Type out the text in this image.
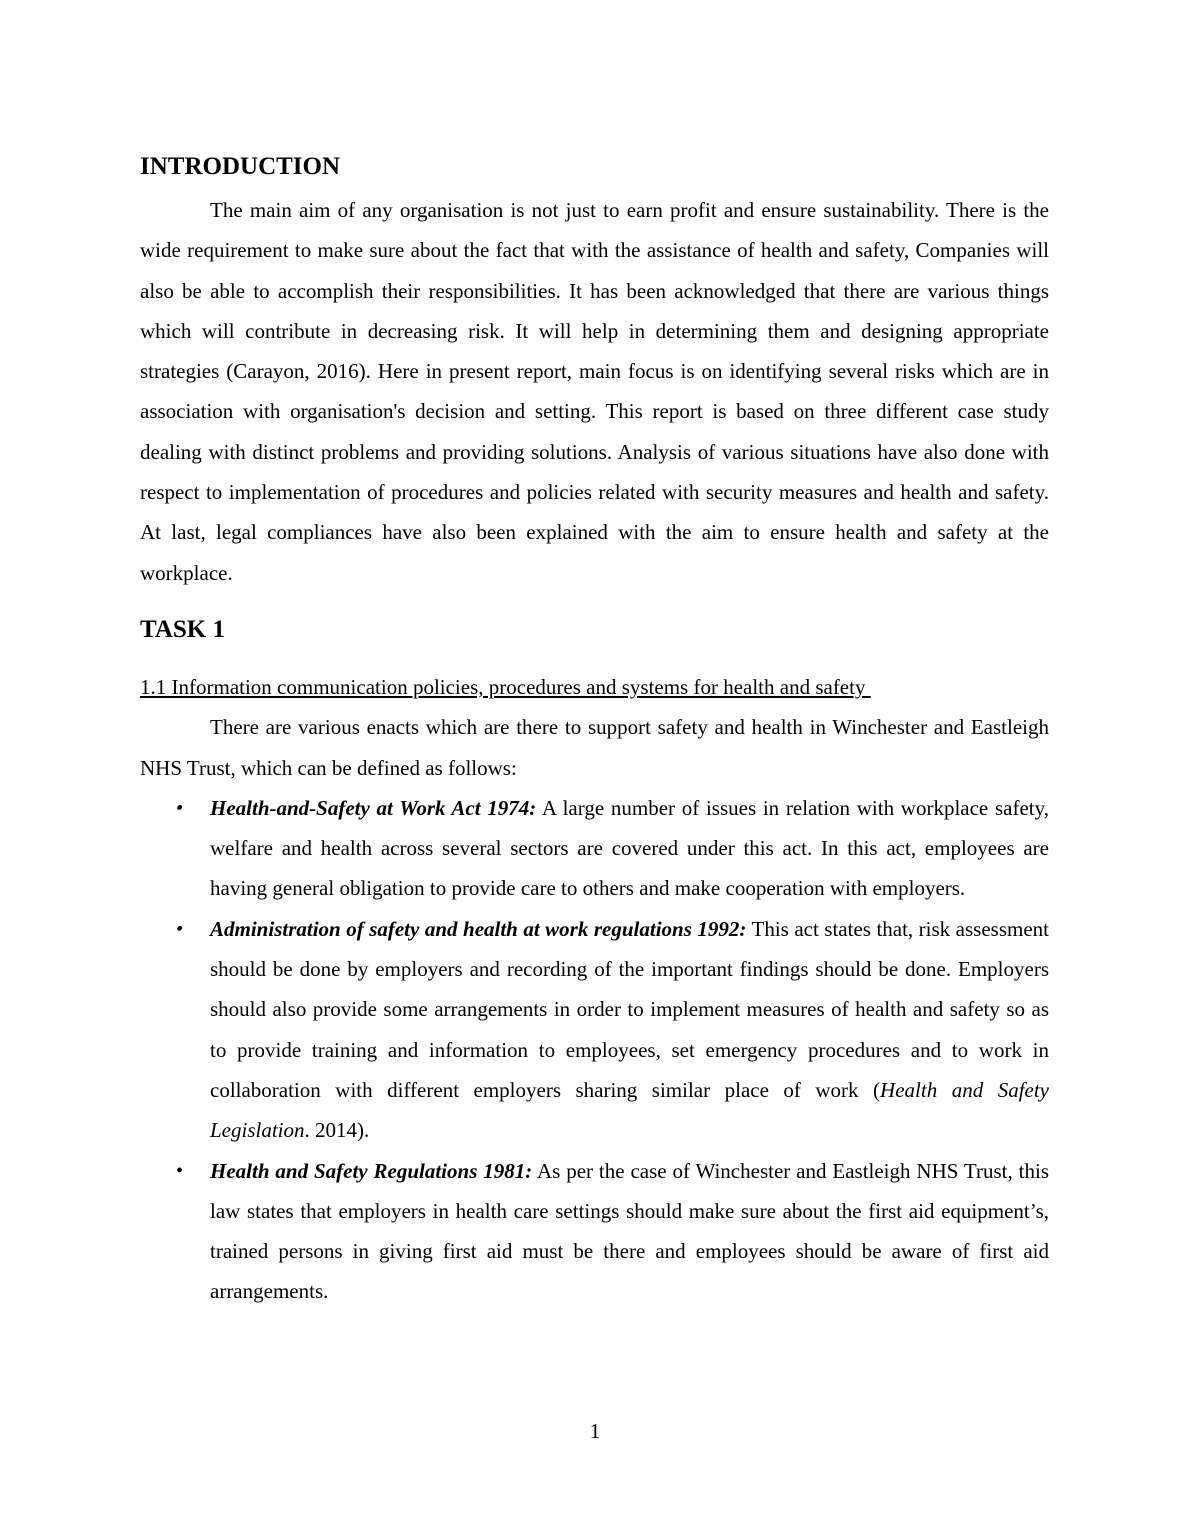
INTRODUCTION

The main aim of any organisation is not just to earn profit and ensure sustainability. There is the wide requirement to make sure about the fact that with the assistance of health and safety, Companies will also be able to accomplish their responsibilities. It has been acknowledged that there are various things which will contribute in decreasing risk. It will help in determining them and designing appropriate strategies (Carayon, 2016). Here in present report, main focus is on identifying several risks which are in association with organisation's decision and setting. This report is based on three different case study dealing with distinct problems and providing solutions. Analysis of various situations have also done with respect to implementation of procedures and policies related with security measures and health and safety. At last, legal compliances have also been explained with the aim to ensure health and safety at the workplace.

TASK 1

1.1 Information communication policies, procedures and systems for health and safety

There are various enacts which are there to support safety and health in Winchester and Eastleigh NHS Trust, which can be defined as follows:

• Health-and-Safety at Work Act 1974: A large number of issues in relation with workplace safety, welfare and health across several sectors are covered under this act. In this act, employees are having general obligation to provide care to others and make cooperation with employers.
• Administration of safety and health at work regulations 1992: This act states that, risk assessment should be done by employers and recording of the important findings should be done. Employers should also provide some arrangements in order to implement measures of health and safety so as to provide training and information to employees, set emergency procedures and to work in collaboration with different employers sharing similar place of work (Health and Safety Legislation. 2014).
• Health and Safety Regulations 1981: As per the case of Winchester and Eastleigh NHS Trust, this law states that employers in health care settings should make sure about the first aid equipment’s, trained persons in giving first aid must be there and employees should be aware of first aid arrangements.
1
